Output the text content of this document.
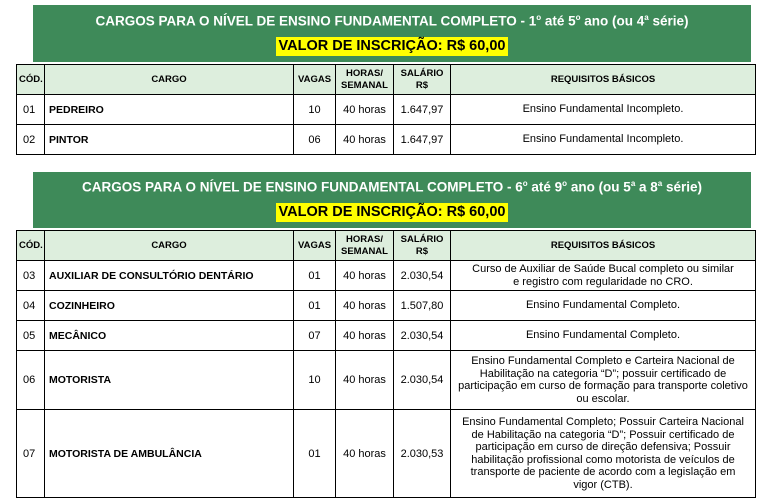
CARGOS PARA O NÍVEL DE ENSINO FUNDAMENTAL COMPLETO - 1$^o$ até 5$^o$ ano (ou 4$^a$ série)
VALOR DE INSCRIÇÃO: R$ 60,00
CÓD.	CARGO	VAGAS	HORAS/ SEMANAL	SALÁRIO R$	REQUISITOS BÁSICOS
01	PEDREIRO	10	40 horas	1.647,97	Ensino Fundamental Incompleto.
02	PINTOR	06	40 horas	1.647,97	Ensino Fundamental Incompleto.
CARGOS PARA O NÍVEL DE ENSINO FUNDAMENTAL COMPLETO - 6$^o$ até 9$^o$ ano (ou 5$^a$ a 8$^a$ série)
VALOR DE INSCRIÇÃO: R$ 60,00
CÓD.	CARGO	VAGAS	HORAS/ SEMANAL	SALÁRIO R$	REQUISITOS BÁSICOS
03	AUXILIAR DE CONSULTÓRIO DENTÁRIO	01	40 horas	2.030,54	Curso de Auxiliar de Saúde Bucal completo ou similar e registro com regularidade no CRO.
04	COZINHEIRO	01	40 horas	1.507,80	Ensino Fundamental Completo.
05	MECÂNICO	07	40 horas	2.030,54	Ensino Fundamental Completo.
06	MOTORISTA	10	40 horas	2.030,54	Ensino Fundamental Completo e Carteira Nacional de Habilitação na categoria “D”; possuir certificado de participação em curso de formação para transporte coletivo ou escolar.
07	MOTORISTA DE AMBULÂNCIA	01	40 horas	2.030,53	Ensino Fundamental Completo; Possuir Carteira Nacional de Habilitação na categoria “D”; Possuir certificado de participação em curso de direção defensiva; Possuir habilitação profissional como motorista de veículos de transporte de paciente de acordo com a legislação em vigor (CTB).
